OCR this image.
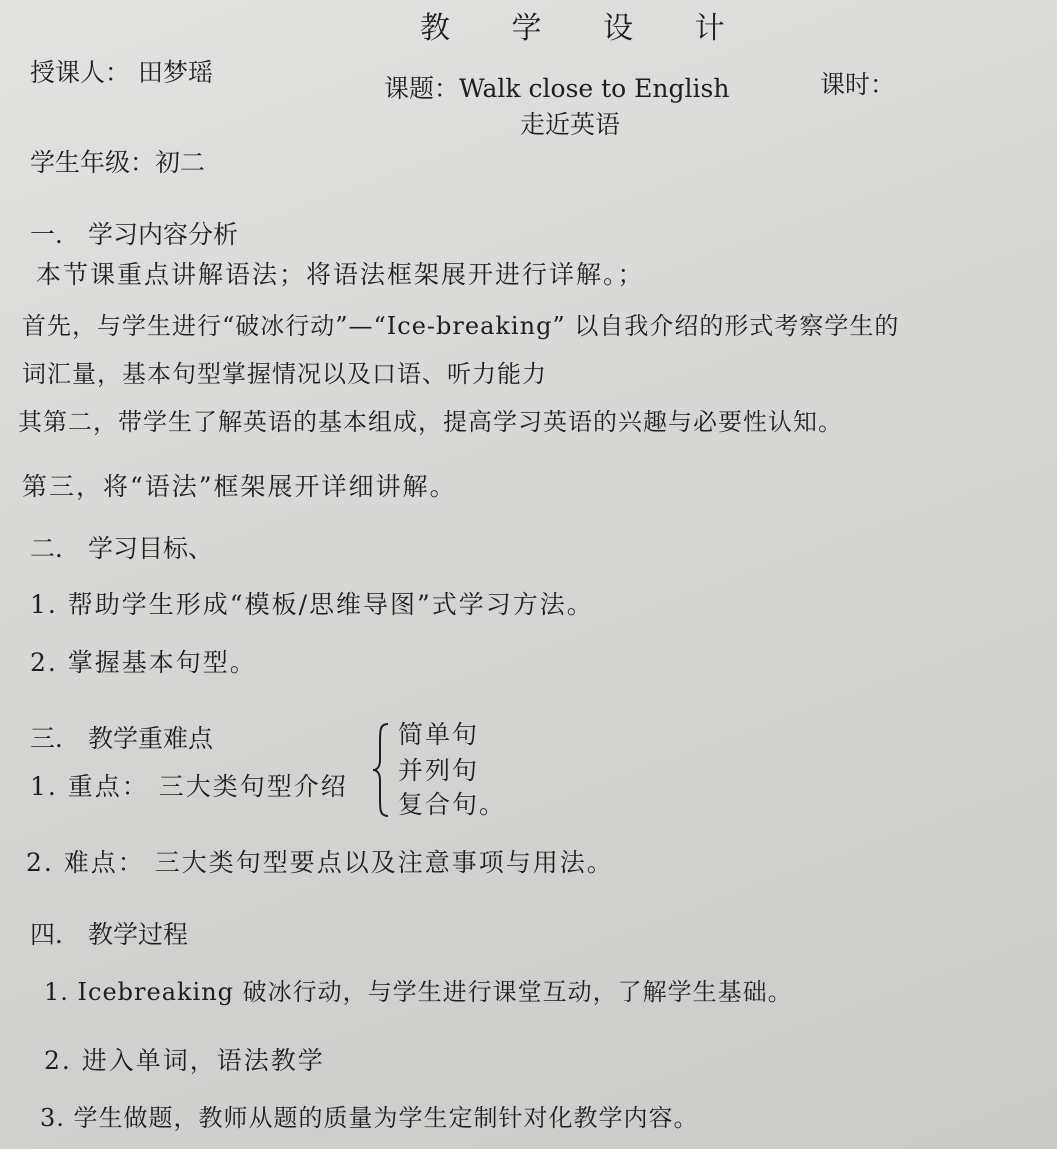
教 学 设 计
授课人： 田梦瑶
课题：Walk close to English	课时：
走近英语
学生年级：初二
一． 学习内容分析
本节课重点讲解语法；将语法框架展开进行详解。；
首先，与学生进行“破冰行动”—“Ice-breaking” 以自我介绍的形式考察学生的
词汇量，基本句型掌握情况以及口语、听力能力
其第二，带学生了解英语的基本组成，提高学习英语的兴趣与必要性认知。
第三，将“语法”框架展开详细讲解。
二． 学习目标、
1. 帮助学生形成“模板/思维导图”式学习方法。
2. 掌握基本句型。
三． 教学重难点
1. 重点： 三大类句型介绍
简单句
并列句
复合句。
2. 难点： 三大类句型要点以及注意事项与用法。
四． 教学过程
1. Icebreaking 破冰行动，与学生进行课堂互动，了解学生基础。
2. 进入单词，语法教学
3. 学生做题，教师从题的质量为学生定制针对化教学内容。
